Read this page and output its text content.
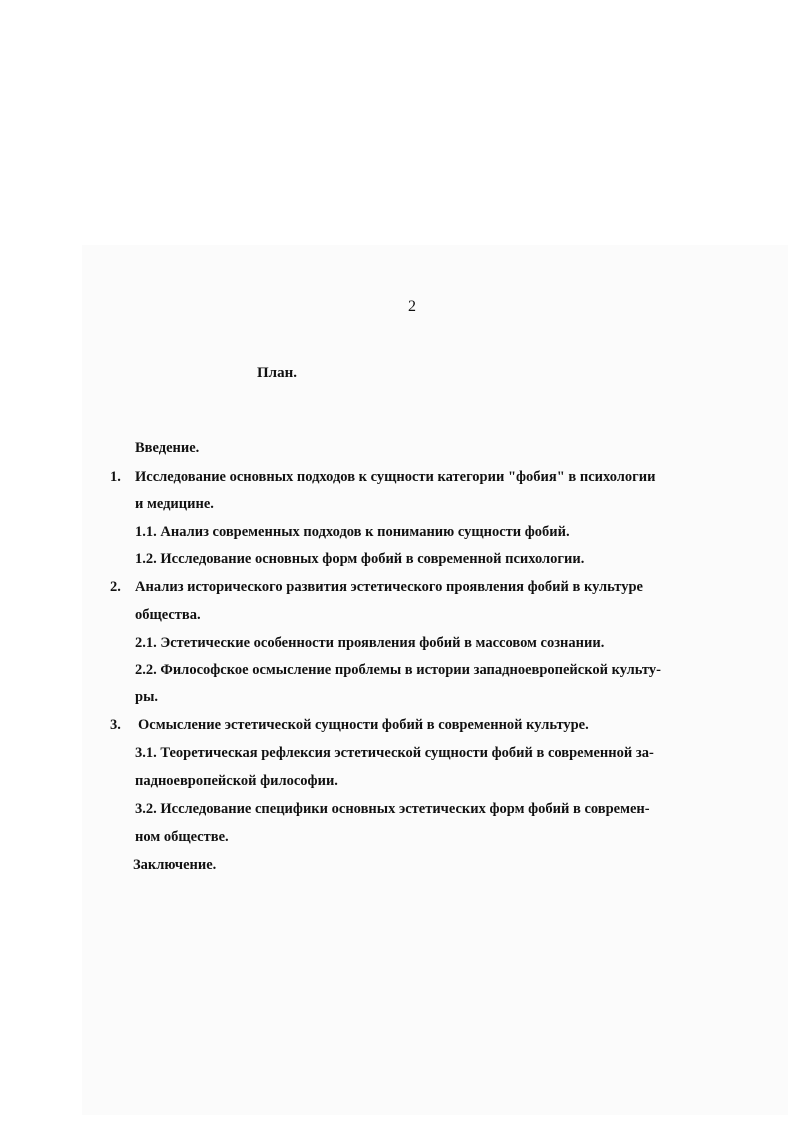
2
План.
Введение.
1. Исследование основных подходов к сущности категории "фобия" в психологии
и медицине.
1.1. Анализ современных подходов к пониманию сущности фобий.
1.2. Исследование основных форм фобий в современной психологии.
2. Анализ исторического развития эстетического проявления фобий в культуре
общества.
2.1. Эстетические особенности проявления фобий в массовом сознании.
2.2. Философское осмысление проблемы в истории западноевропейской культу-
ры.
3. Осмысление эстетической сущности фобий в современной культуре.
3.1. Теоретическая рефлексия эстетической сущности фобий в современной за-
падноевропейской философии.
3.2. Исследование специфики основных эстетических форм фобий в современ-
ном обществе.
Заключение.
